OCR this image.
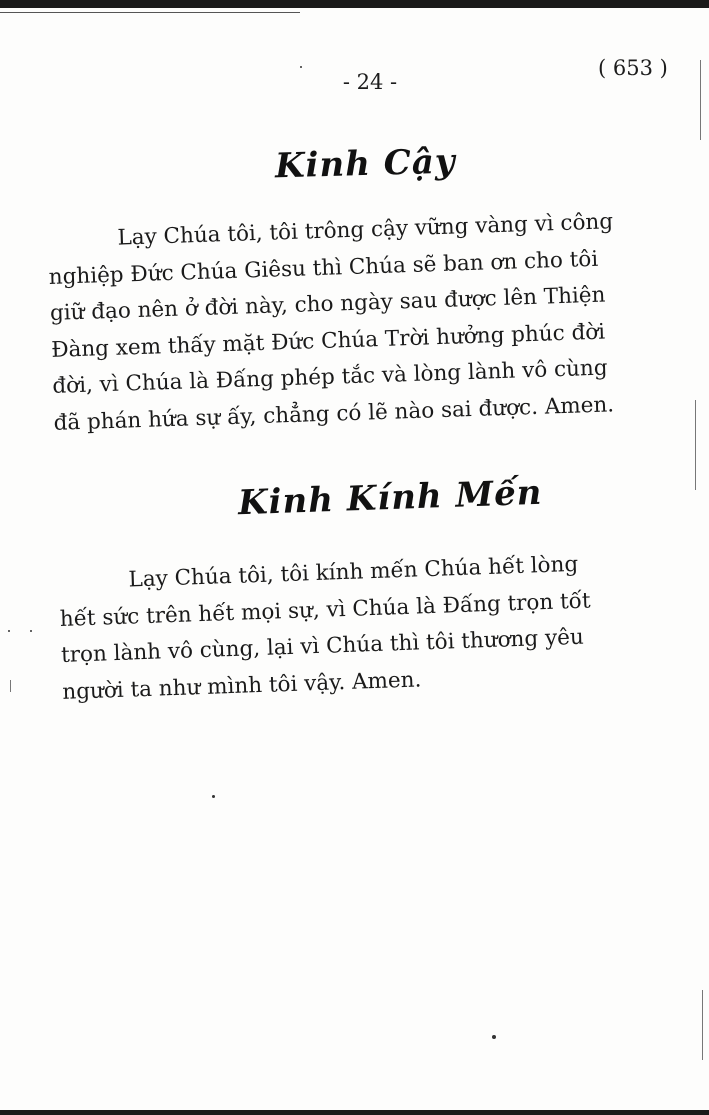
- 24 -
( 653 )
Kinh Cậy
Lạy Chúa tôi, tôi trông cậy vững vàng vì công
nghiệp Đức Chúa Giêsu thì Chúa sẽ ban ơn cho tôi
giữ đạo nên ở đời này, cho ngày sau được lên Thiện
Đàng xem thấy mặt Đức Chúa Trời hưởng phúc đời
đời, vì Chúa là Đấng phép tắc và lòng lành vô cùng
đã phán hứa sự ấy, chẳng có lẽ nào sai được. Amen.
Kinh Kính Mến
Lạy Chúa tôi, tôi kính mến Chúa hết lòng
hết sức trên hết mọi sự, vì Chúa là Đấng trọn tốt
trọn lành vô cùng, lại vì Chúa thì tôi thương yêu
người ta như mình tôi vậy. Amen.
